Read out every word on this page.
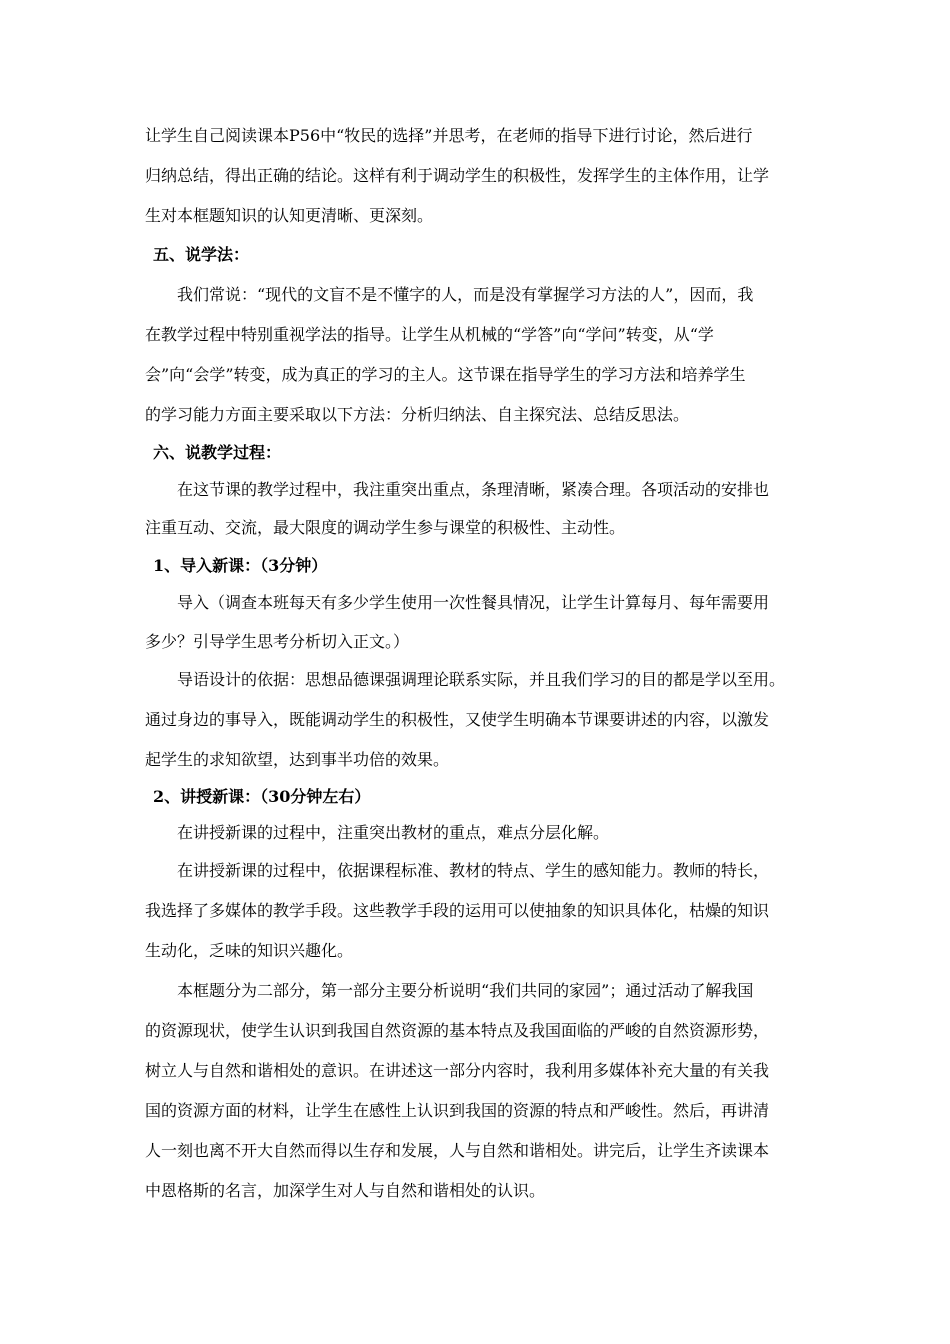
让学生自己阅读课本P56中“牧民的选择”并思考，在老师的指导下进行讨论，然后进行
归纳总结，得出正确的结论。这样有利于调动学生的积极性，发挥学生的主体作用，让学
生对本框题知识的认知更清晰、更深刻。
五、说学法：
我们常说：“现代的文盲不是不懂字的人，而是没有掌握学习方法的人”，因而，我
在教学过程中特别重视学法的指导。让学生从机械的“学答”向“学问”转变，从“学
会”向“会学”转变，成为真正的学习的主人。这节课在指导学生的学习方法和培养学生
的学习能力方面主要采取以下方法：分析归纳法、自主探究法、总结反思法。
六、说教学过程：
在这节课的教学过程中，我注重突出重点，条理清晰，紧凑合理。各项活动的安排也
注重互动、交流，最大限度的调动学生参与课堂的积极性、主动性。
1、导入新课：（3分钟）
导入（调查本班每天有多少学生使用一次性餐具情况，让学生计算每月、每年需要用
多少？引导学生思考分析切入正文。）
导语设计的依据：思想品德课强调理论联系实际，并且我们学习的目的都是学以至用。
通过身边的事导入，既能调动学生的积极性，又使学生明确本节课要讲述的内容，以激发
起学生的求知欲望，达到事半功倍的效果。
2、讲授新课：（30分钟左右）
在讲授新课的过程中，注重突出教材的重点，难点分层化解。
在讲授新课的过程中，依据课程标准、教材的特点、学生的感知能力。教师的特长，
我选择了多媒体的教学手段。这些教学手段的运用可以使抽象的知识具体化，枯燥的知识
生动化，乏味的知识兴趣化。
本框题分为二部分，第一部分主要分析说明“我们共同的家园”；通过活动了解我国
的资源现状，使学生认识到我国自然资源的基本特点及我国面临的严峻的自然资源形势，
树立人与自然和谐相处的意识。在讲述这一部分内容时，我利用多媒体补充大量的有关我
国的资源方面的材料，让学生在感性上认识到我国的资源的特点和严峻性。然后，再讲清
人一刻也离不开大自然而得以生存和发展，人与自然和谐相处。讲完后，让学生齐读课本
中恩格斯的名言，加深学生对人与自然和谐相处的认识。
